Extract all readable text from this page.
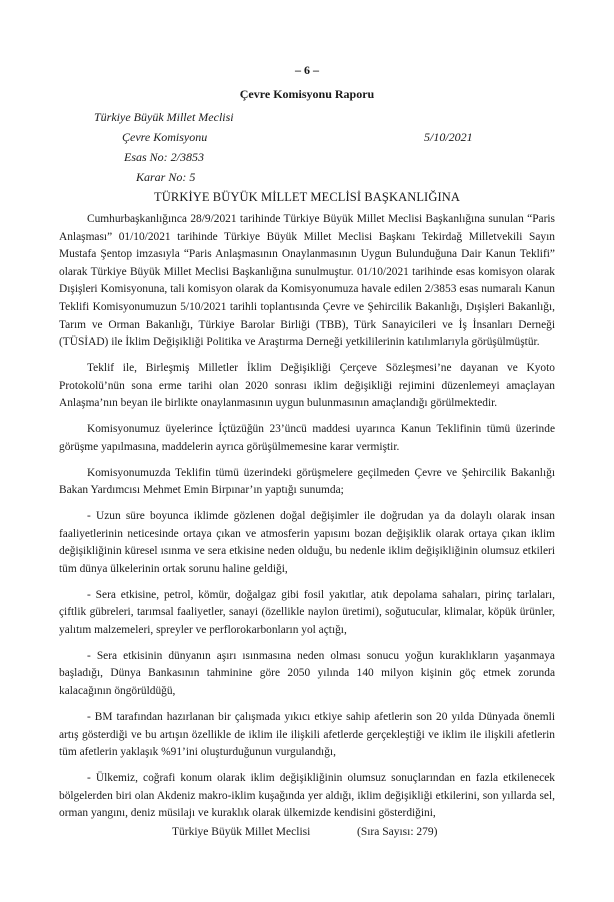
– 6 –
Çevre Komisyonu Raporu
Türkiye Büyük Millet Meclisi
Çevre Komisyonu	5/10/2021
Esas No: 2/3853
Karar No: 5
TÜRKİYE BÜYÜK MİLLET MECLİSİ BAŞKANLIĞINA

Cumhurbaşkanlığınca 28/9/2021 tarihinde Türkiye Büyük Millet Meclisi Başkanlığına sunulan “Paris Anlaşması” 01/10/2021 tarihinde Türkiye Büyük Millet Meclisi Başkanı Tekirdağ Milletvekili Sayın Mustafa Şentop imzasıyla “Paris Anlaşmasının Onaylanmasının Uygun Bulunduğuna Dair Kanun Teklifi” olarak Türkiye Büyük Millet Meclisi Başkanlığına sunulmuştur. 01/10/2021 tarihinde esas komisyon olarak Dışişleri Komisyonuna, tali komisyon olarak da Komisyonumuza havale edilen 2/3853 esas numaralı Kanun Teklifi Komisyonumuzun 5/10/2021 tarihli toplantısında Çevre ve Şehircilik Bakanlığı, Dışişleri Bakanlığı, Tarım ve Orman Bakanlığı, Türkiye Barolar Birliği (TBB), Türk Sanayicileri ve İş İnsanları Derneği (TÜSİAD) ile İklim Değişikliği Politika ve Araştırma Derneği yetkililerinin katılımlarıyla görüşülmüştür.

Teklif ile, Birleşmiş Milletler İklim Değişikliği Çerçeve Sözleşmesi’ne dayanan ve Kyoto Protokolü’nün sona erme tarihi olan 2020 sonrası iklim değişikliği rejimini düzenlemeyi amaçlayan Anlaşma’nın beyan ile birlikte onaylanmasının uygun bulunmasının amaçlandığı görülmektedir.

Komisyonumuz üyelerince İçtüzüğün 23’üncü maddesi uyarınca Kanun Teklifinin tümü üzerinde görüşme yapılmasına, maddelerin ayrıca görüşülmemesine karar vermiştir.

Komisyonumuzda Teklifin tümü üzerindeki görüşmelere geçilmeden Çevre ve Şehircilik Bakanlığı Bakan Yardımcısı Mehmet Emin Birpınar’ın yaptığı sunumda;

- Uzun süre boyunca iklimde gözlenen doğal değişimler ile doğrudan ya da dolaylı olarak insan faaliyetlerinin neticesinde ortaya çıkan ve atmosferin yapısını bozan değişiklik olarak ortaya çıkan iklim değişikliğinin küresel ısınma ve sera etkisine neden olduğu, bu nedenle iklim değişikliğinin olumsuz etkileri tüm dünya ülkelerinin ortak sorunu haline geldiği,

- Sera etkisine, petrol, kömür, doğalgaz gibi fosil yakıtlar, atık depolama sahaları, pirinç tarlaları, çiftlik gübreleri, tarımsal faaliyetler, sanayi (özellikle naylon üretimi), soğutucular, klimalar, köpük ürünler, yalıtım malzemeleri, spreyler ve perflorokarbonların yol açtığı,

- Sera etkisinin dünyanın aşırı ısınmasına neden olması sonucu yoğun kuraklıkların yaşanmaya başladığı, Dünya Bankasının tahminine göre 2050 yılında 140 milyon kişinin göç etmek zorunda kalacağının öngörüldüğü,

- BM tarafından hazırlanan bir çalışmada yıkıcı etkiye sahip afetlerin son 20 yılda Dünyada önemli artış gösterdiği ve bu artışın özellikle de iklim ile ilişkili afetlerde gerçekleştiği ve iklim ile ilişkili afetlerin tüm afetlerin yaklaşık %91’ini oluşturduğunun vurgulandığı,

- Ülkemiz, coğrafi konum olarak iklim değişikliğinin olumsuz sonuçlarından en fazla etkilenecek bölgelerden biri olan Akdeniz makro-iklim kuşağında yer aldığı, iklim değişikliği etkilerini, son yıllarda sel, orman yangını, deniz müsilajı ve kuraklık olarak ülkemizde kendisini gösterdiğini,

Türkiye Büyük Millet Meclisi	(Sıra Sayısı: 279)
